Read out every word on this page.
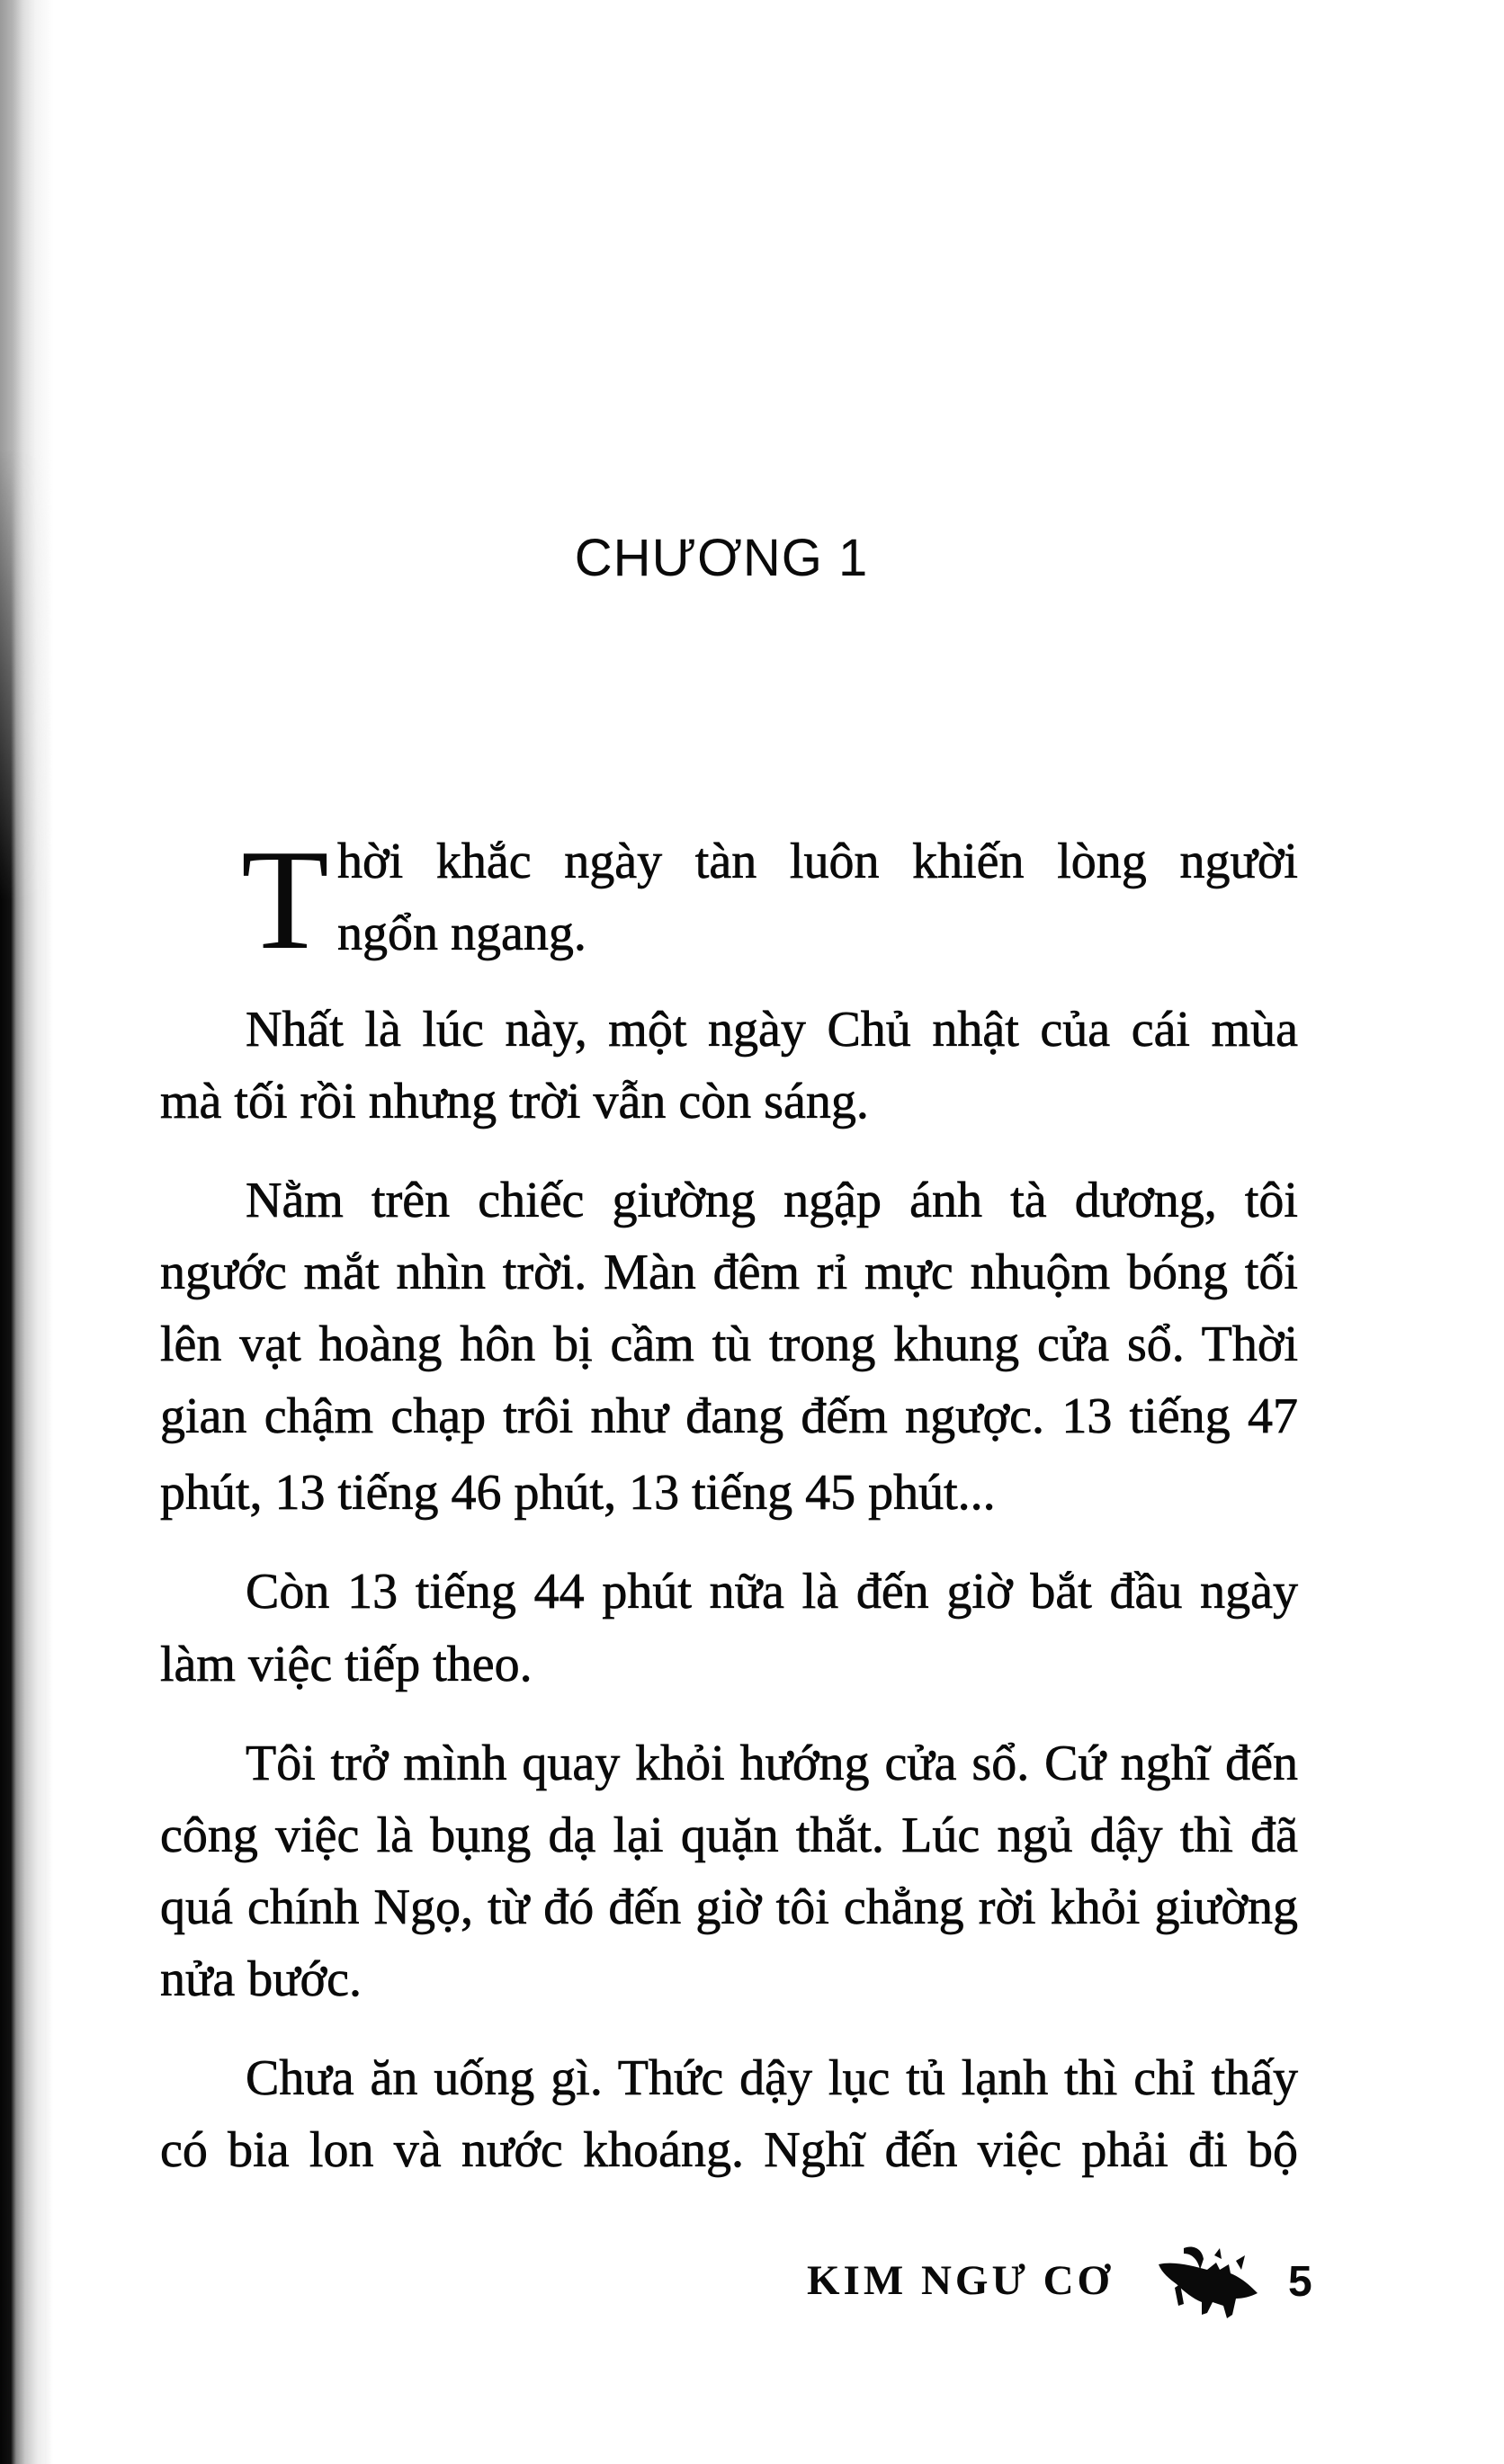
CHƯƠNG 1
T hời khắc ngày tàn luôn khiến lòng người
ngổn ngang.
Nhất là lúc này, một ngày Chủ nhật của cái mùa
mà tối rồi nhưng trời vẫn còn sáng.
Nằm trên chiếc giường ngập ánh tà dương, tôi
ngước mắt nhìn trời. Màn đêm rỉ mực nhuộm bóng tối
lên vạt hoàng hôn bị cầm tù trong khung cửa sổ. Thời
gian chậm chạp trôi như đang đếm ngược. 13 tiếng 47
phút, 13 tiếng 46 phút, 13 tiếng 45 phút...
Còn 13 tiếng 44 phút nữa là đến giờ bắt đầu ngày
làm việc tiếp theo.
Tôi trở mình quay khỏi hướng cửa sổ. Cứ nghĩ đến
công việc là bụng dạ lại quặn thắt. Lúc ngủ dậy thì đã
quá chính Ngọ, từ đó đến giờ tôi chẳng rời khỏi giường
nửa bước.
Chưa ăn uống gì. Thức dậy lục tủ lạnh thì chỉ thấy
có bia lon và nước khoáng. Nghĩ đến việc phải đi bộ
KIM NGƯ CƠ	5
